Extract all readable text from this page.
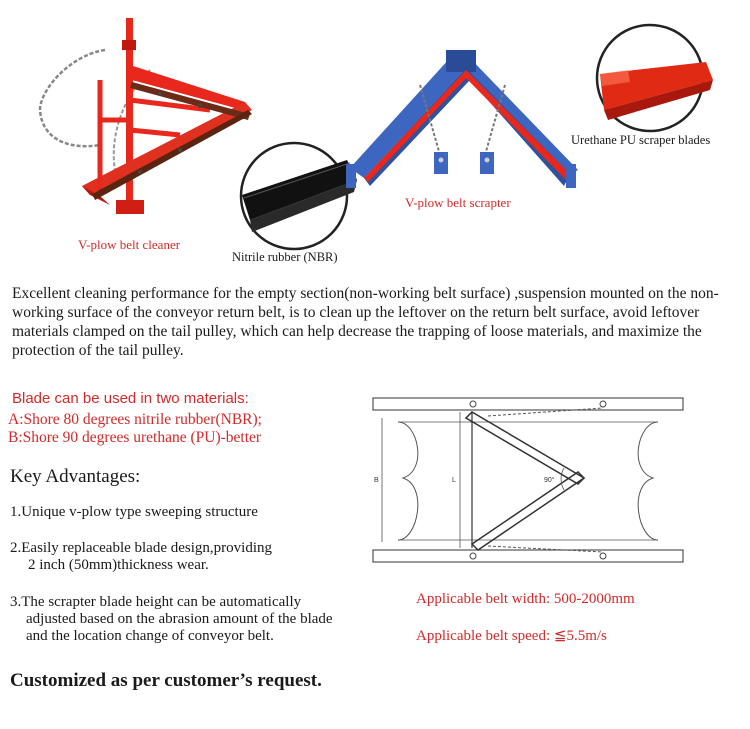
V-plow belt cleaner
Nitrile rubber (NBR)
V-plow belt scrapter
Urethane PU scraper blades
Excellent cleaning performance for the empty section(non-working belt surface) ,suspension mounted on the non-working surface of the conveyor return belt, is to clean up the leftover on the return belt surface, avoid leftover materials clamped on the tail pulley, which can help decrease the trapping of loose materials, and maximize the protection of the tail pulley.
Blade can be used in two materials:
A:Shore 80 degrees nitrile rubber(NBR);
B:Shore 90 degrees urethane (PU)-better
B	L	90°
Key Advantages:
1.Unique v-plow type sweeping structure
2.Easily replaceable blade design,providing
2 inch (50mm)thickness wear.
3.The scrapter blade height can be automatically
adjusted based on the abrasion amount of the blade
and the location change of conveyor belt.
Applicable belt width: 500-2000mm
Applicable belt speed: ≦5.5m/s
Customized as per customer’s request.
